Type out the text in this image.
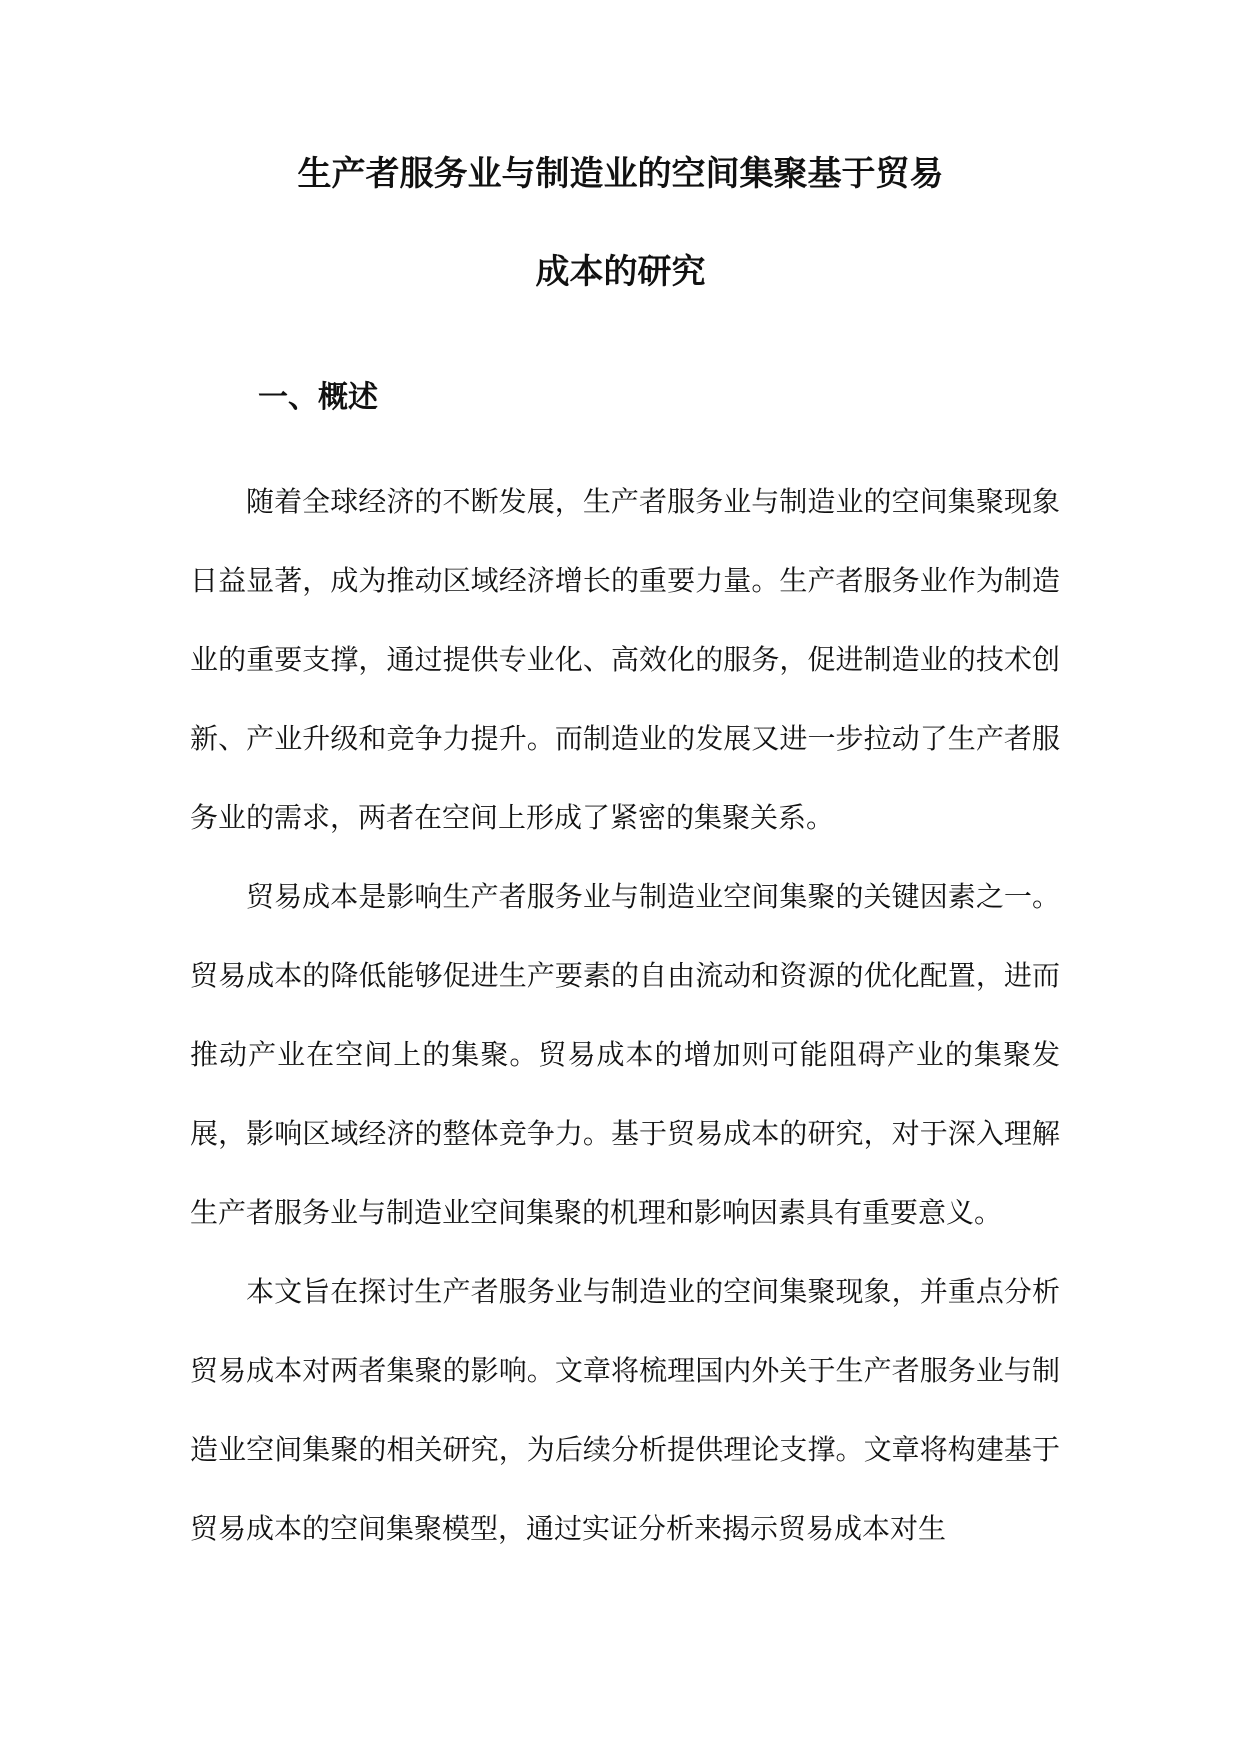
生产者服务业与制造业的空间集聚基于贸易
成本的研究
一、概述

随着全球经济的不断发展，生产者服务业与制造业的空间集聚现象日益显著，成为推动区域经济增长的重要力量。生产者服务业作为制造业的重要支撑，通过提供专业化、高效化的服务，促进制造业的技术创新、产业升级和竞争力提升。而制造业的发展又进一步拉动了生产者服务业的需求，两者在空间上形成了紧密的集聚关系。

贸易成本是影响生产者服务业与制造业空间集聚的关键因素之一。贸易成本的降低能够促进生产要素的自由流动和资源的优化配置，进而推动产业在空间上的集聚。贸易成本的增加则可能阻碍产业的集聚发展，影响区域经济的整体竞争力。基于贸易成本的研究，对于深入理解生产者服务业与制造业空间集聚的机理和影响因素具有重要意义。

本文旨在探讨生产者服务业与制造业的空间集聚现象，并重点分析贸易成本对两者集聚的影响。文章将梳理国内外关于生产者服务业与制造业空间集聚的相关研究，为后续分析提供理论支撑。文章将构建基于贸易成本的空间集聚模型，通过实证分析来揭示贸易成本对生
